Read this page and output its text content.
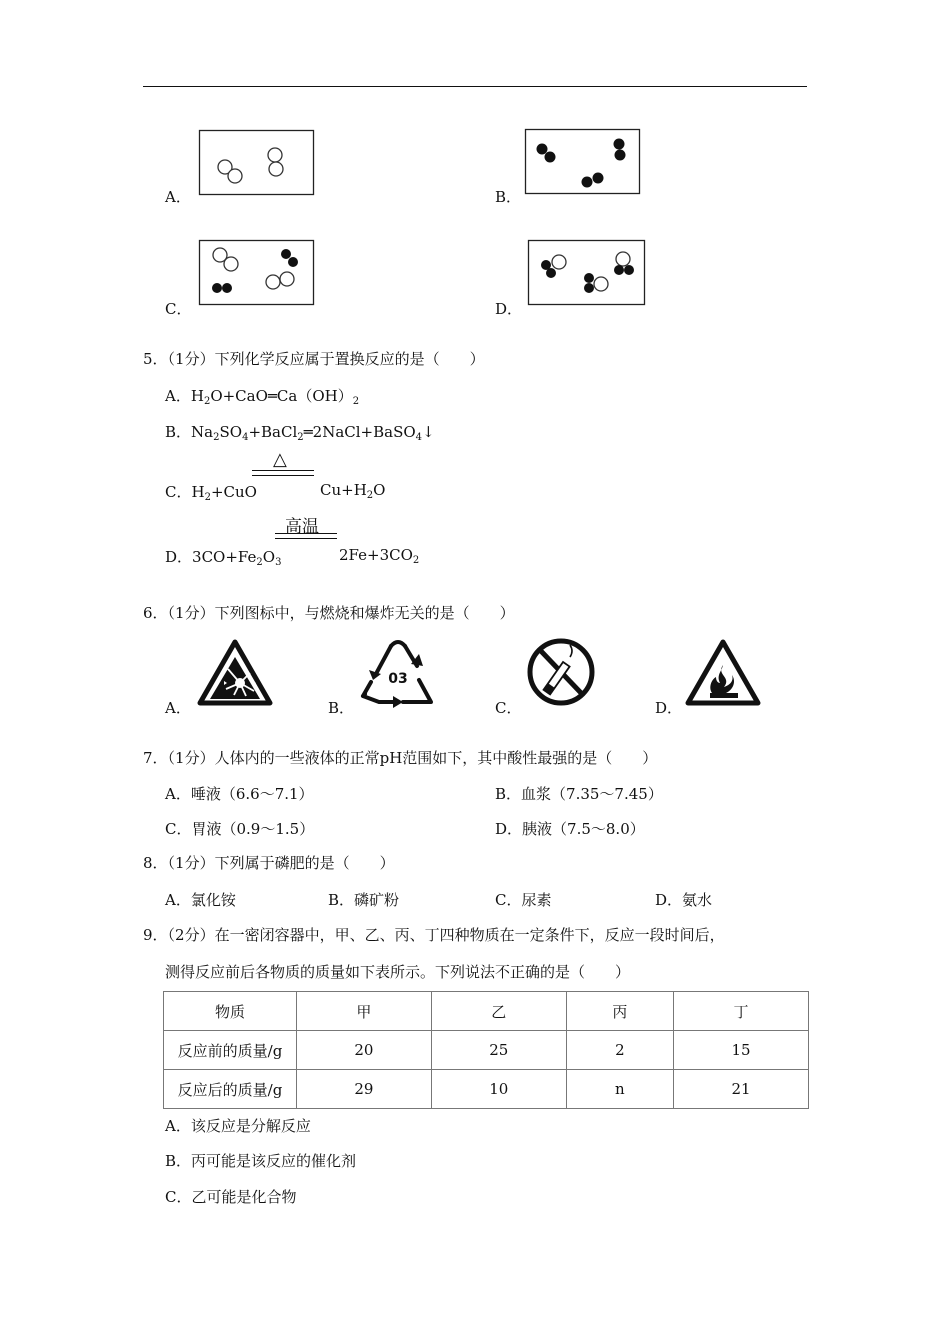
A．	B．
C．	D．
5．（1分）下列化学反应属于置换反应的是（　　）
A．$H_2O+CaO═Ca(OH)_2$
B．$Na_2SO_4+BaCl_2═2NaCl+BaSO_4↓$
△
C．$H_2+CuO$	$Cu+H_2O$
高温
D．$3CO+Fe_2O_3$	$2Fe+3CO_2$
6．（1分）下列图标中，与燃烧和爆炸无关的是（　　）
A．	B．
03
C．	D．
7．（1分）人体内的一些液体的正常pH范围如下，其中酸性最强的是（　　）
A．唾液（6.6～7.1）	B．血浆（7.35～7.45）
C．胃液（0.9～1.5）	D．胰液（7.5～8.0）
8．（1分）下列属于磷肥的是（　　）
A．氯化铵	B．磷矿粉	C．尿素	D．氨水
9．（2分）在一密闭容器中，甲、乙、丙、丁四种物质在一定条件下，反应一段时间后，
测得反应前后各物质的质量如下表所示。下列说法不正确的是（　　）
物质	甲	乙	丙	丁
反应前的质量/g	20	25	2	15
反应后的质量/g	29	10	n	21
A．该反应是分解反应
B．丙可能是该反应的催化剂
C．乙可能是化合物
